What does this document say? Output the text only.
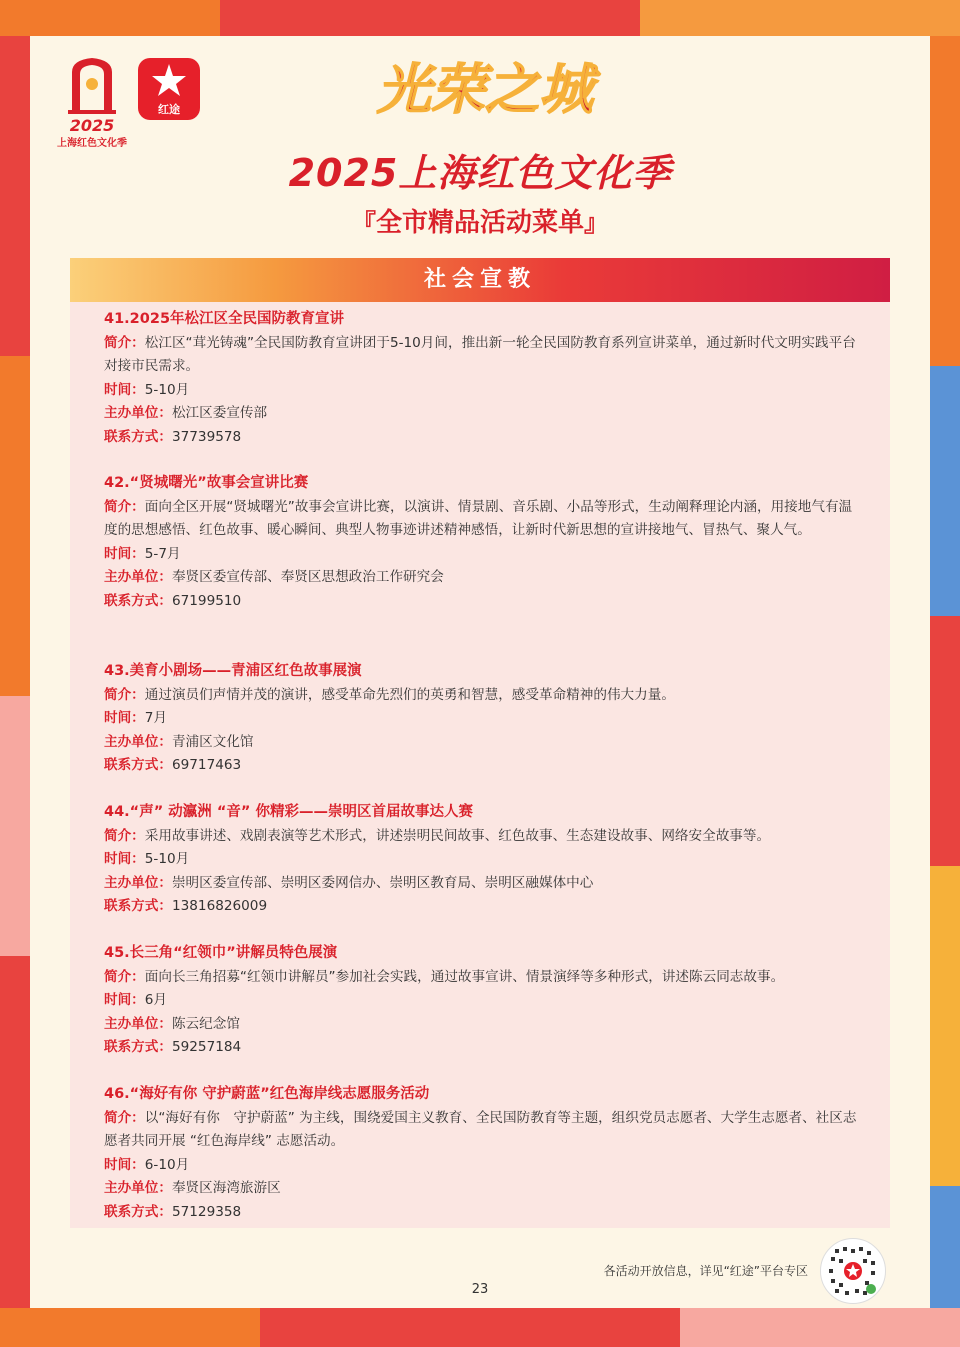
2025
上海红色文化季
红途	光荣之城
2025上海红色文化季
『全市精品活动菜单』
社会宣教
41.2025年松江区全民国防教育宣讲
简介：松江区“茸光铸魂”全民国防教育宣讲团于5-10月间，推出新一轮全民国防教育系列宣讲菜单，通过新时代文明实践平台对接市民需求。
时间：5-10月
主办单位：松江区委宣传部
联系方式：37739578
42.“贤城曙光”故事会宣讲比赛
简介：面向全区开展“贤城曙光”故事会宣讲比赛，以演讲、情景剧、音乐剧、小品等形式，生动阐释理论内涵，用接地气有温度的思想感悟、红色故事、暖心瞬间、典型人物事迹讲述精神感悟，让新时代新思想的宣讲接地气、冒热气、聚人气。
时间：5-7月
主办单位：奉贤区委宣传部、奉贤区思想政治工作研究会
联系方式：67199510
43.美育小剧场——青浦区红色故事展演
简介：通过演员们声情并茂的演讲，感受革命先烈们的英勇和智慧，感受革命精神的伟大力量。
时间：7月
主办单位：青浦区文化馆
联系方式：69717463
44.“声” 动瀛洲 “音” 你精彩——崇明区首届故事达人赛
简介：采用故事讲述、戏剧表演等艺术形式，讲述崇明民间故事、红色故事、生态建设故事、网络安全故事等。
时间：5-10月
主办单位：崇明区委宣传部、崇明区委网信办、崇明区教育局、崇明区融媒体中心
联系方式：13816826009
45.长三角“红领巾”讲解员特色展演
简介：面向长三角招募“红领巾讲解员”参加社会实践，通过故事宣讲、情景演绎等多种形式，讲述陈云同志故事。
时间：6月
主办单位：陈云纪念馆
联系方式：59257184
46.“海好有你 守护蔚蓝”红色海岸线志愿服务活动
简介：以“海好有你　守护蔚蓝” 为主线，围绕爱国主义教育、全民国防教育等主题，组织党员志愿者、大学生志愿者、社区志愿者共同开展 “红色海岸线” 志愿活动。
时间：6-10月
主办单位：奉贤区海湾旅游区
联系方式：57129358
各活动开放信息，详见“红途”平台专区
23
